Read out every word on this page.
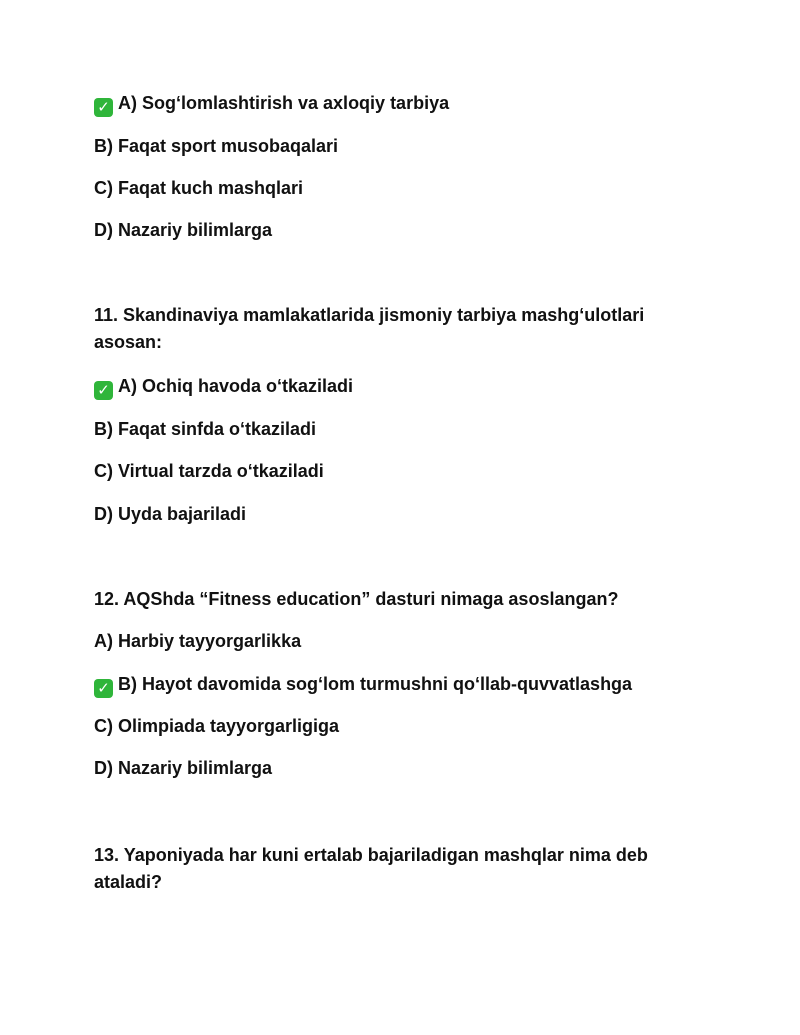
✓ A) Sog‘lomlashtirish va axloqiy tarbiya
B) Faqat sport musobaqalari
C) Faqat kuch mashqlari
D) Nazariy bilimlarga
11. Skandinaviya mamlakatlarida jismoniy tarbiya mashg‘ulotlari asosan:
✓ A) Ochiq havoda o‘tkaziladi
B) Faqat sinfda o‘tkaziladi
C) Virtual tarzda o‘tkaziladi
D) Uyda bajariladi
12. AQShda “Fitness education” dasturi nimaga asoslangan?
A) Harbiy tayyorgarlikka
✓ B) Hayot davomida sog‘lom turmushni qo‘llab-quvvatlashga
C) Olimpiada tayyorgarligiga
D) Nazariy bilimlarga
13. Yaponiyada har kuni ertalab bajariladigan mashqlar nima deb ataladi?
